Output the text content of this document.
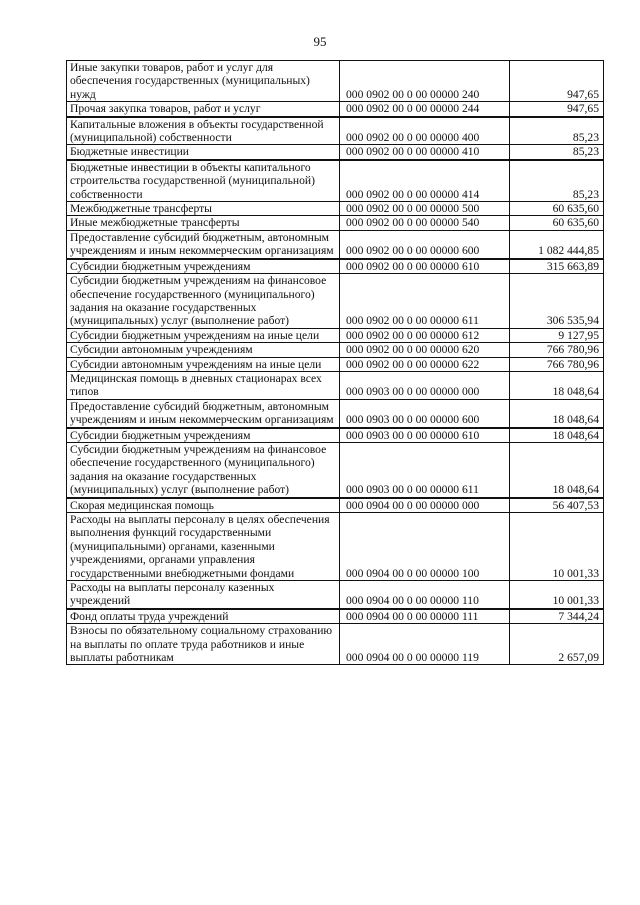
95
Иные закупки товаров, работ и услуг для обеспечения государственных (муниципальных) нужд	000 0902 00 0 00 00000 240	947,65
Прочая закупка товаров, работ и услуг	000 0902 00 0 00 00000 244	947,65
Капитальные вложения в объекты государственной (муниципальной) собственности	000 0902 00 0 00 00000 400	85,23
Бюджетные инвестиции	000 0902 00 0 00 00000 410	85,23
Бюджетные инвестиции в объекты капитального строительства государственной (муниципальной) собственности	000 0902 00 0 00 00000 414	85,23
Межбюджетные трансферты	000 0902 00 0 00 00000 500	60 635,60
Иные межбюджетные трансферты	000 0902 00 0 00 00000 540	60 635,60
Предоставление субсидий бюджетным, автономным учреждениям и иным некоммерческим организациям	000 0902 00 0 00 00000 600	1 082 444,85
Субсидии бюджетным учреждениям	000 0902 00 0 00 00000 610	315 663,89
Субсидии бюджетным учреждениям на финансовое обеспечение государственного (муниципального) задания на оказание государственных (муниципальных) услуг (выполнение работ)	000 0902 00 0 00 00000 611	306 535,94
Субсидии бюджетным учреждениям на иные цели	000 0902 00 0 00 00000 612	9 127,95
Субсидии автономным учреждениям	000 0902 00 0 00 00000 620	766 780,96
Субсидии автономным учреждениям на иные цели	000 0902 00 0 00 00000 622	766 780,96
Медицинская помощь в дневных стационарах всех типов	000 0903 00 0 00 00000 000	18 048,64
Предоставление субсидий бюджетным, автономным учреждениям и иным некоммерческим организациям	000 0903 00 0 00 00000 600	18 048,64
Субсидии бюджетным учреждениям	000 0903 00 0 00 00000 610	18 048,64
Субсидии бюджетным учреждениям на финансовое обеспечение государственного (муниципального) задания на оказание государственных (муниципальных) услуг (выполнение работ)	000 0903 00 0 00 00000 611	18 048,64
Скорая медицинская помощь	000 0904 00 0 00 00000 000	56 407,53
Расходы на выплаты персоналу в целях обеспечения выполнения функций государственными (муниципальными) органами, казенными учреждениями, органами управления государственными внебюджетными фондами	000 0904 00 0 00 00000 100	10 001,33
Расходы на выплаты персоналу казенных учреждений	000 0904 00 0 00 00000 110	10 001,33
Фонд оплаты труда учреждений	000 0904 00 0 00 00000 111	7 344,24
Взносы по обязательному социальному страхованию на выплаты по оплате труда работников и иные выплаты работникам	000 0904 00 0 00 00000 119	2 657,09
